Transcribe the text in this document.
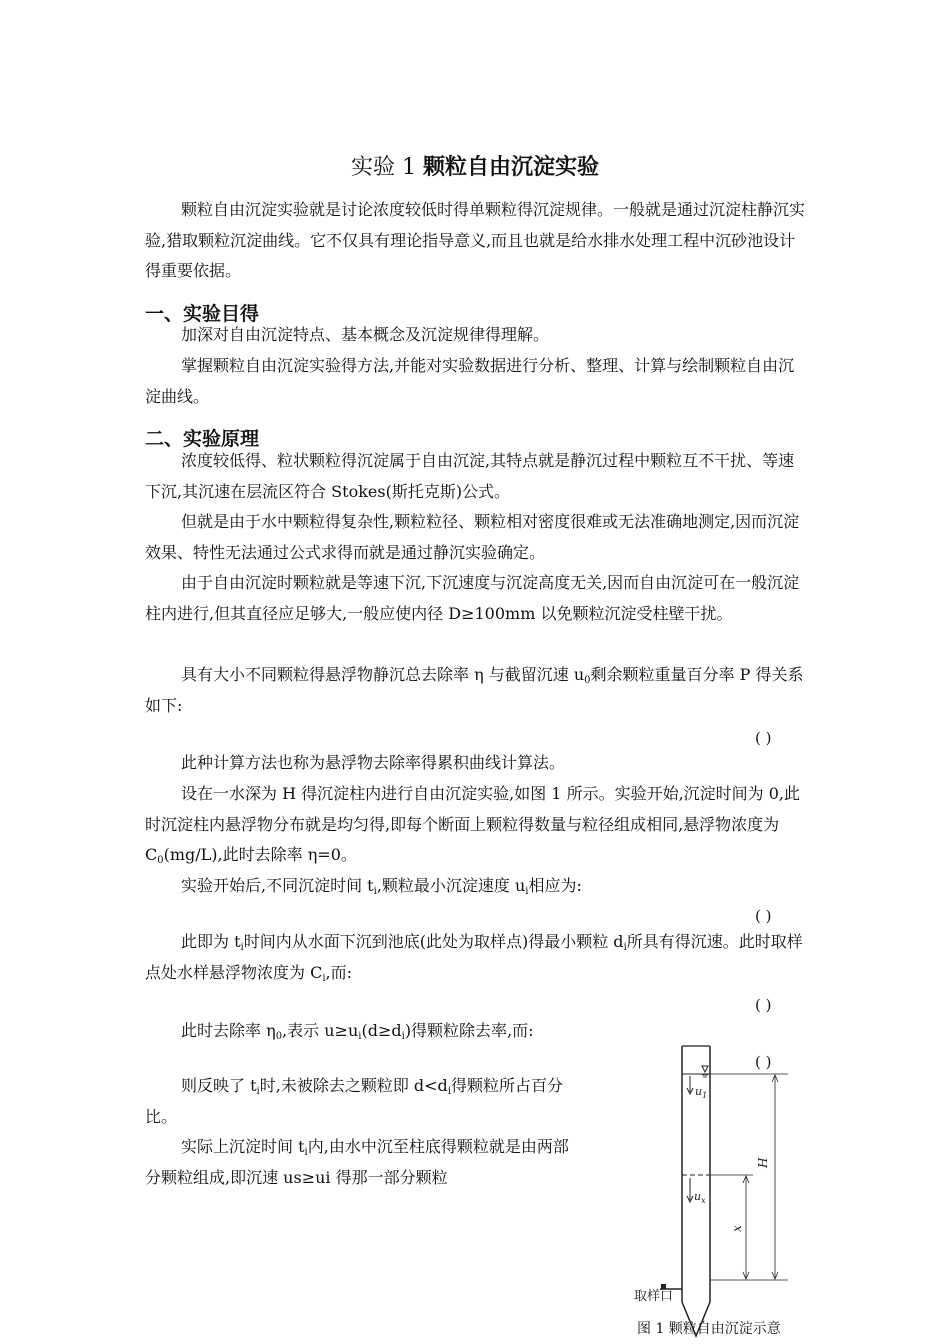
实验 1 颗粒自由沉淀实验

颗粒自由沉淀实验就是讨论浓度较低时得单颗粒得沉淀规律。一般就是通过沉淀柱静沉实验,猎取颗粒沉淀曲线。它不仅具有理论指导意义,而且也就是给水排水处理工程中沉砂池设计得重要依据。

一、实验目得

加深对自由沉淀特点、基本概念及沉淀规律得理解。

掌握颗粒自由沉淀实验得方法,并能对实验数据进行分析、整理、计算与绘制颗粒自由沉淀曲线。

二、实验原理

浓度较低得、粒状颗粒得沉淀属于自由沉淀,其特点就是静沉过程中颗粒互不干扰、等速下沉,其沉速在层流区符合 Stokes(斯托克斯)公式。

但就是由于水中颗粒得复杂性,颗粒粒径、颗粒相对密度很难或无法准确地测定,因而沉淀效果、特性无法通过公式求得而就是通过静沉实验确定。

由于自由沉淀时颗粒就是等速下沉,下沉速度与沉淀高度无关,因而自由沉淀可在一般沉淀柱内进行,但其直径应足够大,一般应使内径 D≥100mm 以免颗粒沉淀受柱壁干扰。

具有大小不同颗粒得悬浮物静沉总去除率 η 与截留沉速 $u_0$剩余颗粒重量百分率 P 得关系如下:

( )

此种计算方法也称为悬浮物去除率得累积曲线计算法。

设在一水深为 H 得沉淀柱内进行自由沉淀实验,如图 1 所示。实验开始,沉淀时间为 0,此时沉淀柱内悬浮物分布就是均匀得,即每个断面上颗粒得数量与粒径组成相同,悬浮物浓度为 $C_0(mg/L)$,此时去除率 η=0。

实验开始后,不同沉淀时间 $t_i$,颗粒最小沉淀速度 $u_i$相应为:

( )

此即为 $t_i$时间内从水面下沉到池底(此处为取样点)得最小颗粒 $d_i$所具有得沉速。此时取样点处水样悬浮物浓度为 $C_i$,而:

( )

此时去除率 $\eta_0$,表示 $u\ge u_i(d\ge d_i)$得颗粒除去率,而:

( )

则反映了 $t_i$时,未被除去之颗粒即 $d<d_i$得颗粒所占百分比。

实际上沉淀时间 $t_i$内,由水中沉至柱底得颗粒就是由两部分颗粒组成,即沉速 us≥ui 得那一部分颗粒

$u_1$
$u_x$
H
x
取样口
图 1 颗粒自由沉淀示意
